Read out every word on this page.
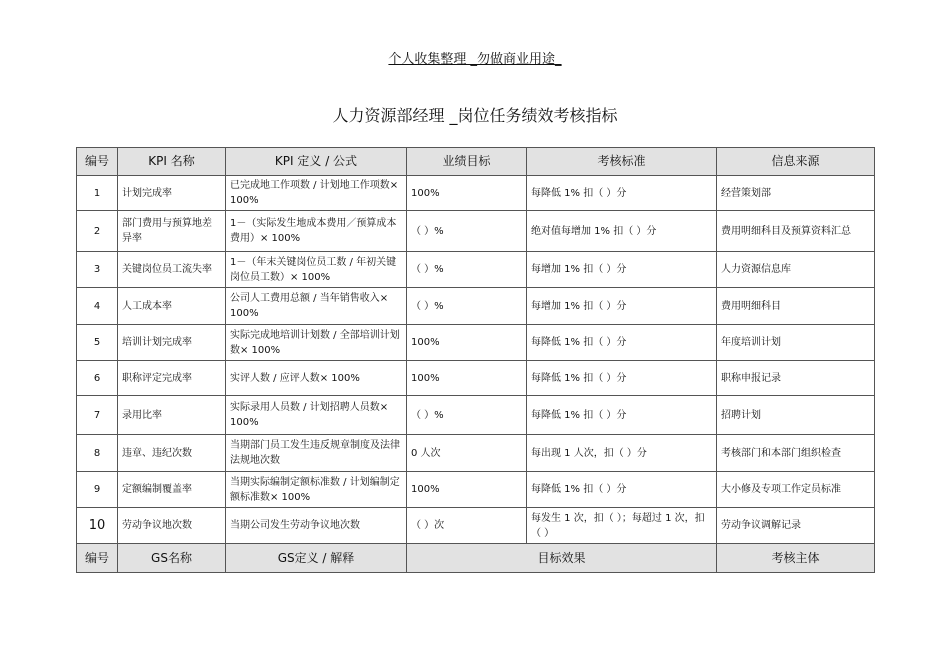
个人收集整理 _勿做商业用途_
人力资源部经理 _岗位任务绩效考核指标
编号	KPI 名称	KPI 定义 / 公式	业绩目标	考核标准	信息来源
1	计划完成率	已完成地工作项数 / 计划地工作项数× 100%	100%	每降低 1% 扣（ ）分	经营策划部
2	部门费用与预算地差异率	1－（实际发生地成本费用／预算成本费用）× 100%	（ ）%	绝对值每增加 1% 扣（ ）分	费用明细科目及预算资料汇总
3	关键岗位员工流失率	1－（年末关键岗位员工数 / 年初关键岗位员工数）× 100%	（ ）%	每增加 1% 扣（ ）分	人力资源信息库
4	人工成本率	公司人工费用总额 / 当年销售收入× 100%	（ ）%	每增加 1% 扣（ ）分	费用明细科目
5	培训计划完成率	实际完成地培训计划数 / 全部培训计划数× 100%	100%	每降低 1% 扣（ ）分	年度培训计划
6	职称评定完成率	实评人数 / 应评人数× 100%	100%	每降低 1% 扣（ ）分	职称申报记录
7	录用比率	实际录用人员数 / 计划招聘人员数× 100%	（ ）%	每降低 1% 扣（ ）分	招聘计划
8	违章、违纪次数	当期部门员工发生违反规章制度及法律法规地次数	0 人次	每出现 1 人次，扣（ ）分	考核部门和本部门组织检查
9	定额编制覆盖率	当期实际编制定额标准数 / 计划编制定额标准数× 100%	100%	每降低 1% 扣（ ）分	大小修及专项工作定员标准
10	劳动争议地次数	当期公司发生劳动争议地次数	（ ）次	每发生 1 次，扣（ ）；每超过 1 次，扣（ ）	劳动争议调解记录
编号	GS名称	GS定义 / 解释	目标效果		考核主体
